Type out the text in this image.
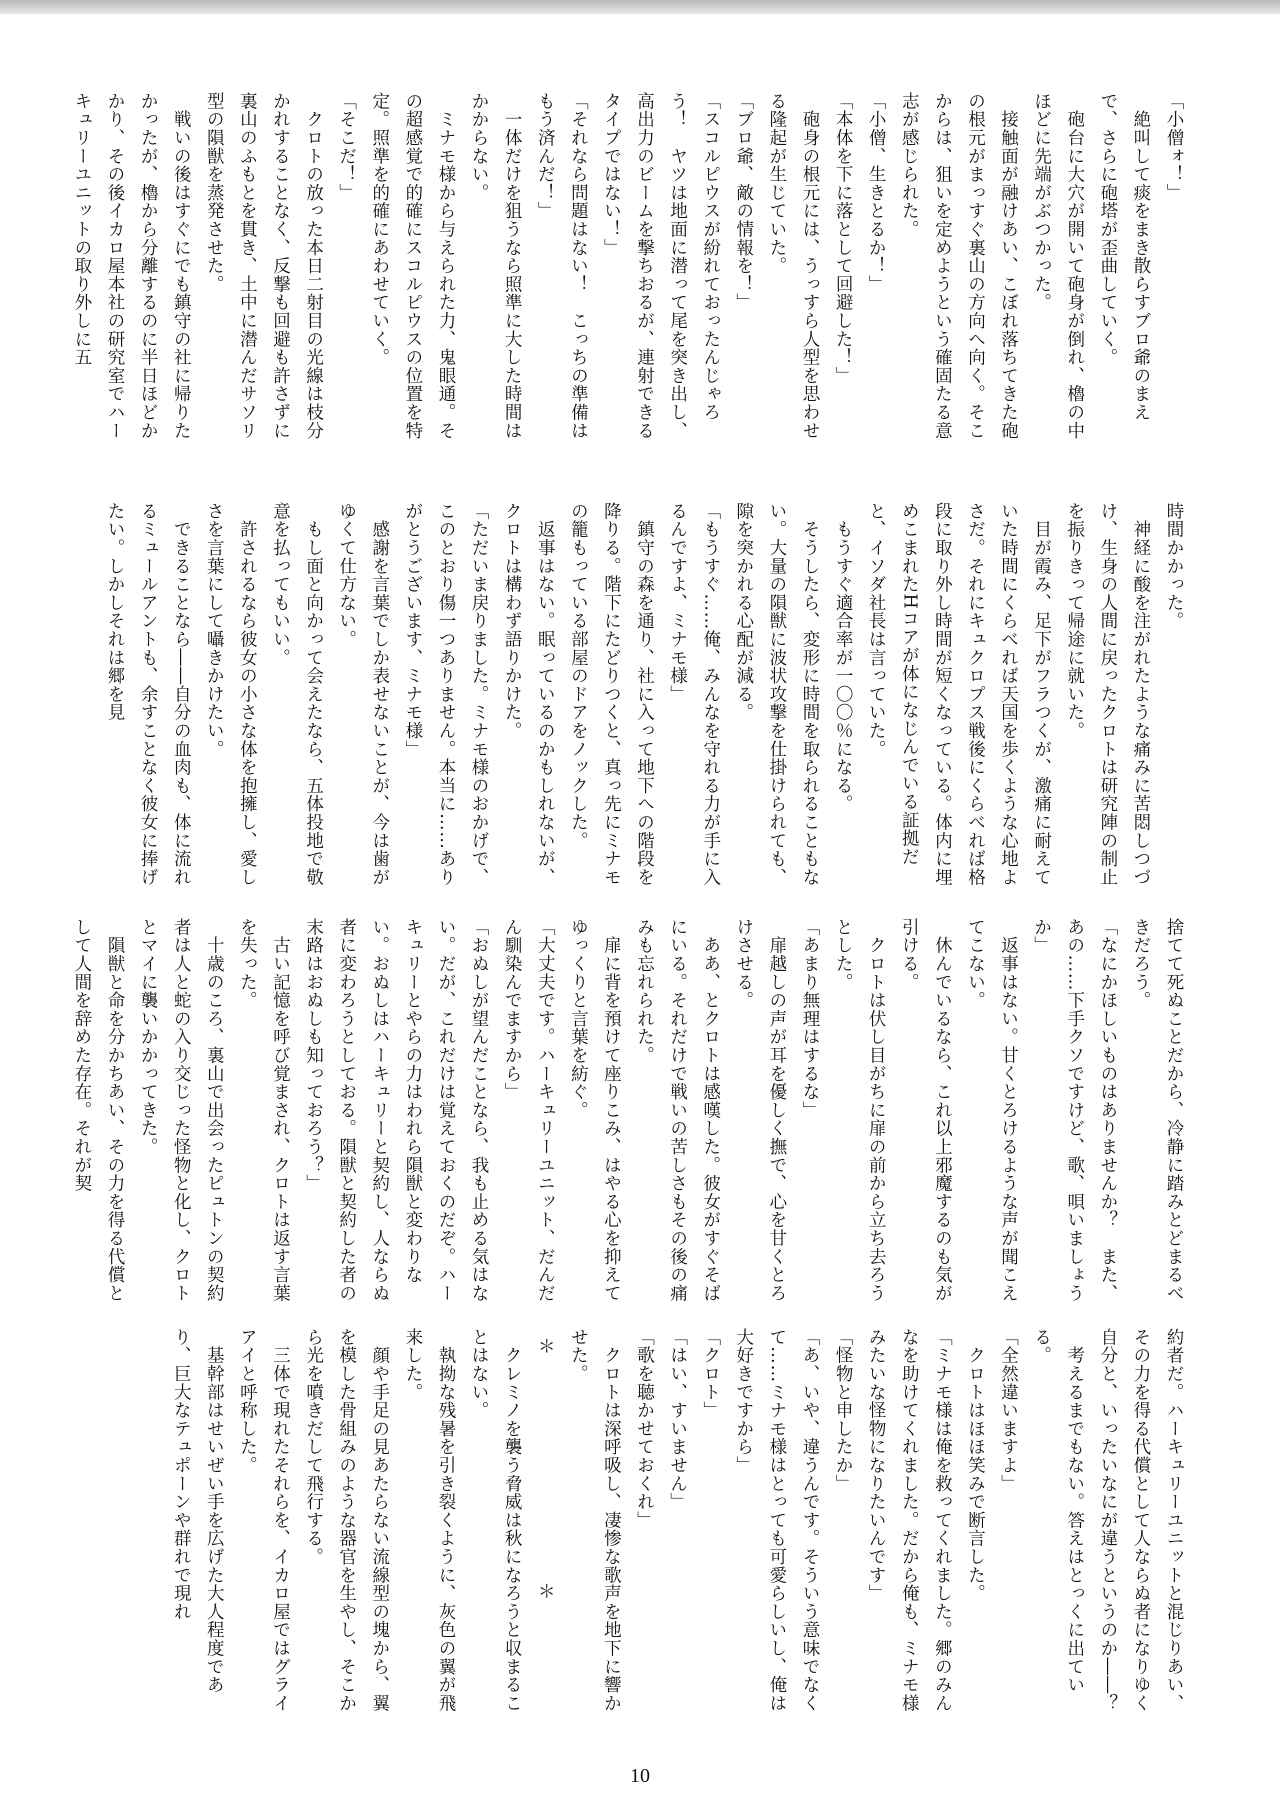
「小僧ォ！」

　絶叫して痰をまき散らすブロ爺のまえで、さらに砲塔が歪曲していく。

　砲台に大穴が開いて砲身が倒れ、櫓の中ほどに先端がぶつかった。

　接触面が融けあい、こぼれ落ちてきた砲の根元がまっすぐ裏山の方向へ向く。そこからは、狙いを定めようという確固たる意志が感じられた。

「小僧、生きとるか！」

「本体を下に落として回避した！」

　砲身の根元には、うっすら人型を思わせる隆起が生じていた。

「ブロ爺、敵の情報を！」

「スコルピウスが紛れておったんじゃろう！　ヤツは地面に潜って尾を突き出し、高出力のビームを撃ちおるが、連射できるタイプではない！」

「それなら問題はない！　こっちの準備はもう済んだ！」

　一体だけを狙うなら照準に大した時間はかからない。

　ミナモ様から与えられた力、鬼眼通。その超感覚で的確にスコルピウスの位置を特定。照準を的確にあわせていく。

「そこだ！」

　クロトの放った本日二射目の光線は枝分かれすることなく、反撃も回避も許さずに裏山のふもとを貫き、土中に潜んだサソリ型の隕獣を蒸発させた。

　戦いの後はすぐにでも鎮守の社に帰りたかったが、櫓から分離するのに半日ほどかかり、その後イカロ屋本社の研究室でハーキュリーユニットの取り外しに五

時間かかった。

　神経に酸を注がれたような痛みに苦悶しつづけ、生身の人間に戻ったクロトは研究陣の制止を振りきって帰途に就いた。

　目が霞み、足下がフラつくが、激痛に耐えていた時間にくらべれば天国を歩くような心地よさだ。それにキュクロプス戦後にくらべれば格段に取り外し時間が短くなっている。体内に埋めこまれたHコアが体になじんでいる証拠だと、イソダ社長は言っていた。

　もうすぐ適合率が一〇〇％になる。

　そうしたら、変形に時間を取られることもない。大量の隕獣に波状攻撃を仕掛けられても、隙を突かれる心配が減る。

「もうすぐ……俺、みんなを守れる力が手に入るんですよ、ミナモ様」

　鎮守の森を通り、社に入って地下への階段を降りる。階下にたどりつくと、真っ先にミナモの籠もっている部屋のドアをノックした。

　返事はない。眠っているのかもしれないが、クロトは構わず語りかけた。

「ただいま戻りました。ミナモ様のおかげで、このとおり傷一つありません。本当に……ありがとうございます、ミナモ様」

　感謝を言葉でしか表せないことが、今は歯がゆくて仕方ない。

　もし面と向かって会えたなら、五体投地で敬意を払ってもいい。

　許されるなら彼女の小さな体を抱擁し、愛しさを言葉にして囁きかけたい。

　できることなら――自分の血肉も、体に流れるミュールアントも、余すことなく彼女に捧げたい。しかしそれは郷を見

捨てて死ぬことだから、冷静に踏みとどまるべきだろう。

「なにかほしいものはありませんか？　また、あの……下手クソですけど、歌、唄いましょうか」

　返事はない。甘くとろけるような声が聞こえてこない。

　休んでいるなら、これ以上邪魔するのも気が引ける。

　クロトは伏し目がちに扉の前から立ち去ろうとした。

「あまり無理はするな」

　扉越しの声が耳を優しく撫で、心を甘くとろけさせる。

　ああ、とクロトは感嘆した。彼女がすぐそばにいる。それだけで戦いの苦しさもその後の痛みも忘れられた。

　扉に背を預けて座りこみ、はやる心を抑えてゆっくりと言葉を紡ぐ。

「大丈夫です。ハーキュリーユニット、だんだん馴染んでますから」

「おぬしが望んだことなら、我も止める気はない。だが、これだけは覚えておくのだぞ。ハーキュリーとやらの力はわれら隕獣と変わりない。おぬしはハーキュリーと契約し、人ならぬ者に変わろうとしておる。隕獣と契約した者の末路はおぬしも知っておろう？」

　古い記憶を呼び覚まされ、クロトは返す言葉を失った。

　十歳のころ、裏山で出会ったピュトンの契約者は人と蛇の入り交じった怪物と化し、クロトとマイに襲いかかってきた。

　隕獣と命を分かちあい、その力を得る代償として人間を辞めた存在。それが契

約者だ。ハーキュリーユニットと混じりあい、その力を得る代償として人ならぬ者になりゆく自分と、いったいなにが違うというのか――？

　考えるまでもない。答えはとっくに出ている。

「全然違いますよ」

　クロトはほほ笑みで断言した。

「ミナモ様は俺を救ってくれました。郷のみんなを助けてくれました。だから俺も、ミナモ様みたいな怪物になりたいんです」

「怪物と申したか」

「あ、いや、違うんです。そういう意味でなくて……ミナモ様はとっても可愛らしいし、俺は大好きですから」

「クロト」

「はい、すいません」

「歌を聴かせておくれ」

　クロトは深呼吸し、凄惨な歌声を地下に響かせた。

＊　＊

　クレミノを襲う脅威は秋になろうと収まることはない。

　執拗な残暑を引き裂くように、灰色の翼が飛来した。

　顔や手足の見あたらない流線型の塊から、翼を模した骨組みのような器官を生やし、そこから光を噴きだして飛行する。

　三体で現れたそれらを、イカロ屋ではグライアイと呼称した。

　基幹部はせいぜい手を広げた大人程度であり、巨大なテュポーンや群れで現れ

10
